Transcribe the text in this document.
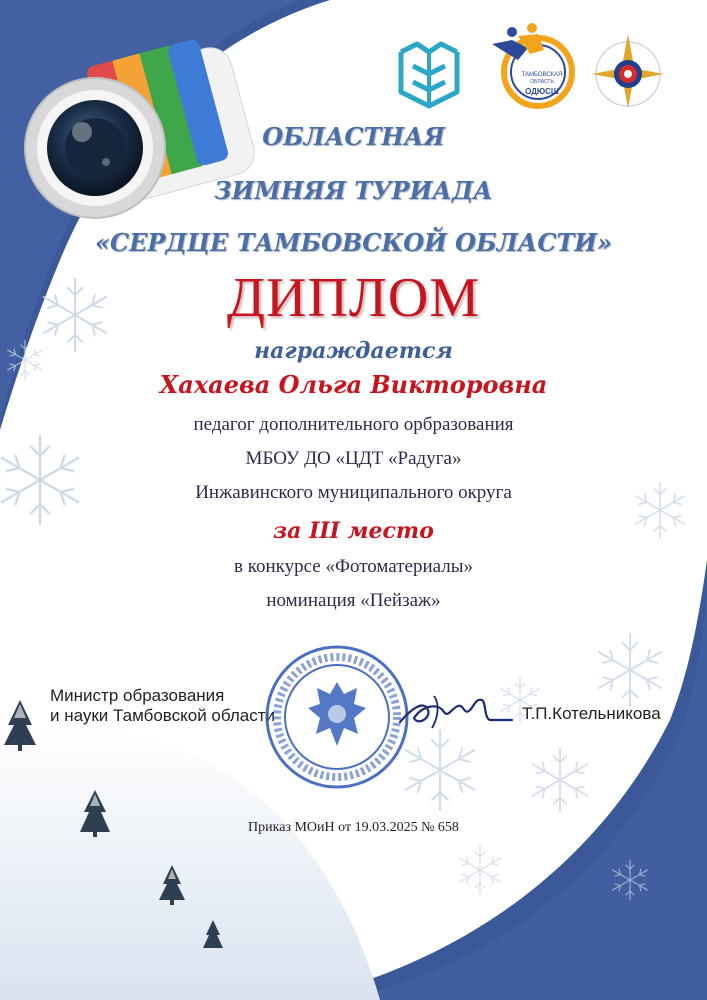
ТАМБОВСКАЯ
ОБЛАСТЬ
ОДЮСШ

ОБЛАСТНАЯ

ЗИМНЯЯ ТУРИАДА

«СЕРДЦЕ ТАМБОВСКОЙ ОБЛАСТИ»

ДИПЛОМ

награждается

Хахаева Ольга Викторовна

педагог дополнительного орбразования

МБОУ ДО «ЦДТ «Радуга»

Инжавинского муниципального округа

за III место

в конкурсе «Фотоматериалы»

номинация «Пейзаж»

Министр образования
и науки Тамбовской области	Т.П.Котельникова
Приказ МОиН от 19.03.2025 № 658
